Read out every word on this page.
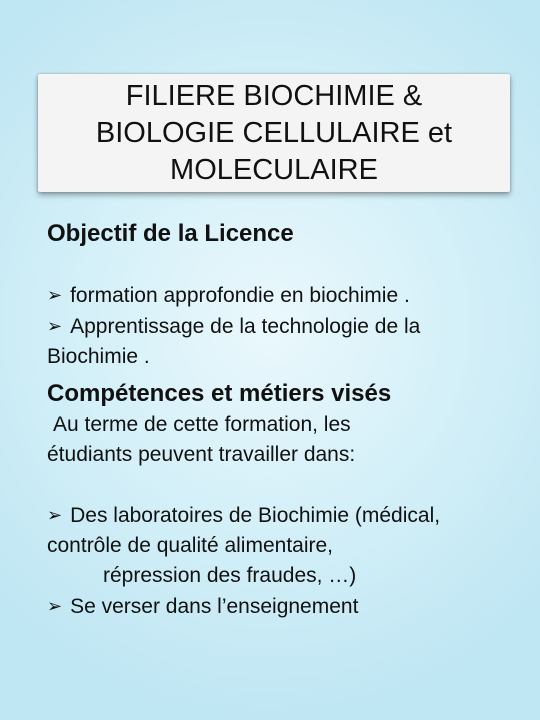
FILIERE BIOCHIMIE &
BIOLOGIE CELLULAIRE et
MOLECULAIRE

Objectif de la Licence

➢ formation approfondie en biochimie .

➢ Apprentissage de la technologie de la

Biochimie .

Compétences et métiers visés

Au terme de cette formation, les

étudiants peuvent travailler dans:

➢ Des laboratoires de Biochimie (médical,

contrôle de qualité alimentaire,

répression des fraudes, …)

➢ Se verser dans l’enseignement
